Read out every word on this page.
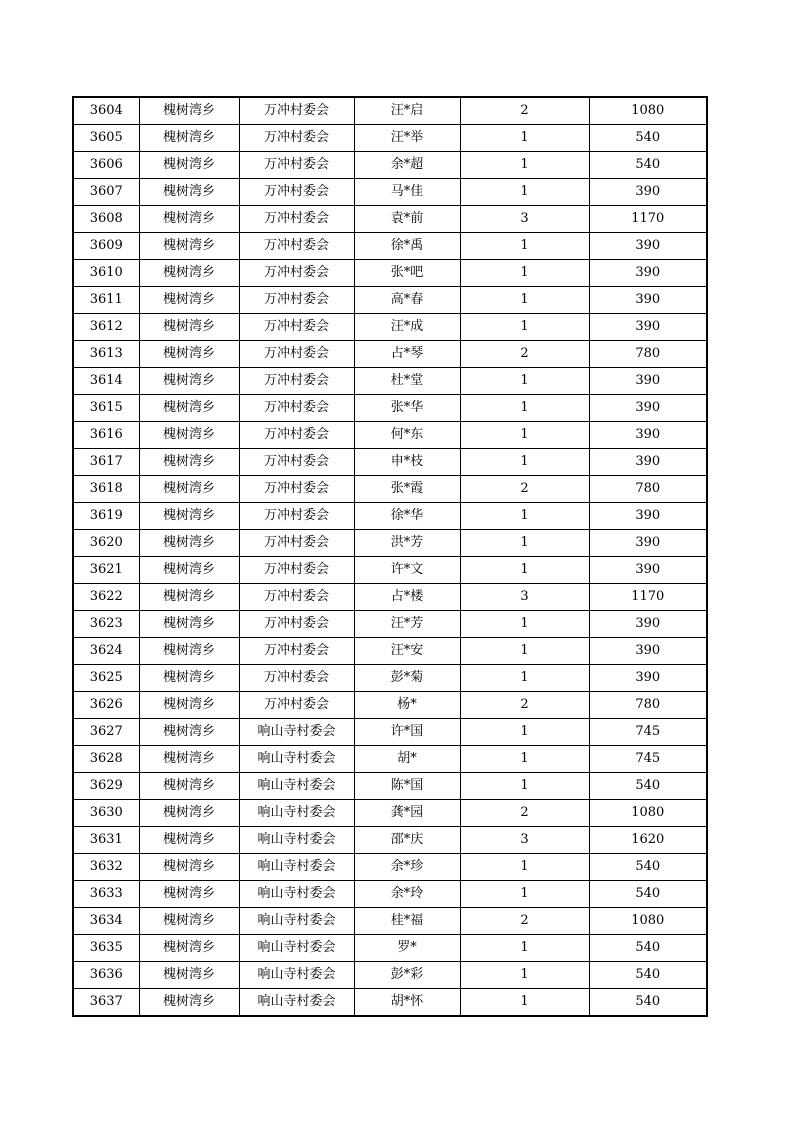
3604	槐树湾乡	万冲村委会	汪*启	2	1080
3605	槐树湾乡	万冲村委会	汪*举	1	540
3606	槐树湾乡	万冲村委会	余*超	1	540
3607	槐树湾乡	万冲村委会	马*佳	1	390
3608	槐树湾乡	万冲村委会	袁*前	3	1170
3609	槐树湾乡	万冲村委会	徐*禹	1	390
3610	槐树湾乡	万冲村委会	张*吧	1	390
3611	槐树湾乡	万冲村委会	高*春	1	390
3612	槐树湾乡	万冲村委会	汪*成	1	390
3613	槐树湾乡	万冲村委会	占*琴	2	780
3614	槐树湾乡	万冲村委会	杜*堂	1	390
3615	槐树湾乡	万冲村委会	张*华	1	390
3616	槐树湾乡	万冲村委会	何*东	1	390
3617	槐树湾乡	万冲村委会	申*枝	1	390
3618	槐树湾乡	万冲村委会	张*霞	2	780
3619	槐树湾乡	万冲村委会	徐*华	1	390
3620	槐树湾乡	万冲村委会	洪*芳	1	390
3621	槐树湾乡	万冲村委会	许*文	1	390
3622	槐树湾乡	万冲村委会	占*楼	3	1170
3623	槐树湾乡	万冲村委会	汪*芳	1	390
3624	槐树湾乡	万冲村委会	汪*安	1	390
3625	槐树湾乡	万冲村委会	彭*菊	1	390
3626	槐树湾乡	万冲村委会	杨*	2	780
3627	槐树湾乡	响山寺村委会	许*国	1	745
3628	槐树湾乡	响山寺村委会	胡*	1	745
3629	槐树湾乡	响山寺村委会	陈*国	1	540
3630	槐树湾乡	响山寺村委会	龚*园	2	1080
3631	槐树湾乡	响山寺村委会	邵*庆	3	1620
3632	槐树湾乡	响山寺村委会	余*珍	1	540
3633	槐树湾乡	响山寺村委会	余*玲	1	540
3634	槐树湾乡	响山寺村委会	桂*福	2	1080
3635	槐树湾乡	响山寺村委会	罗*	1	540
3636	槐树湾乡	响山寺村委会	彭*彩	1	540
3637	槐树湾乡	响山寺村委会	胡*怀	1	540
